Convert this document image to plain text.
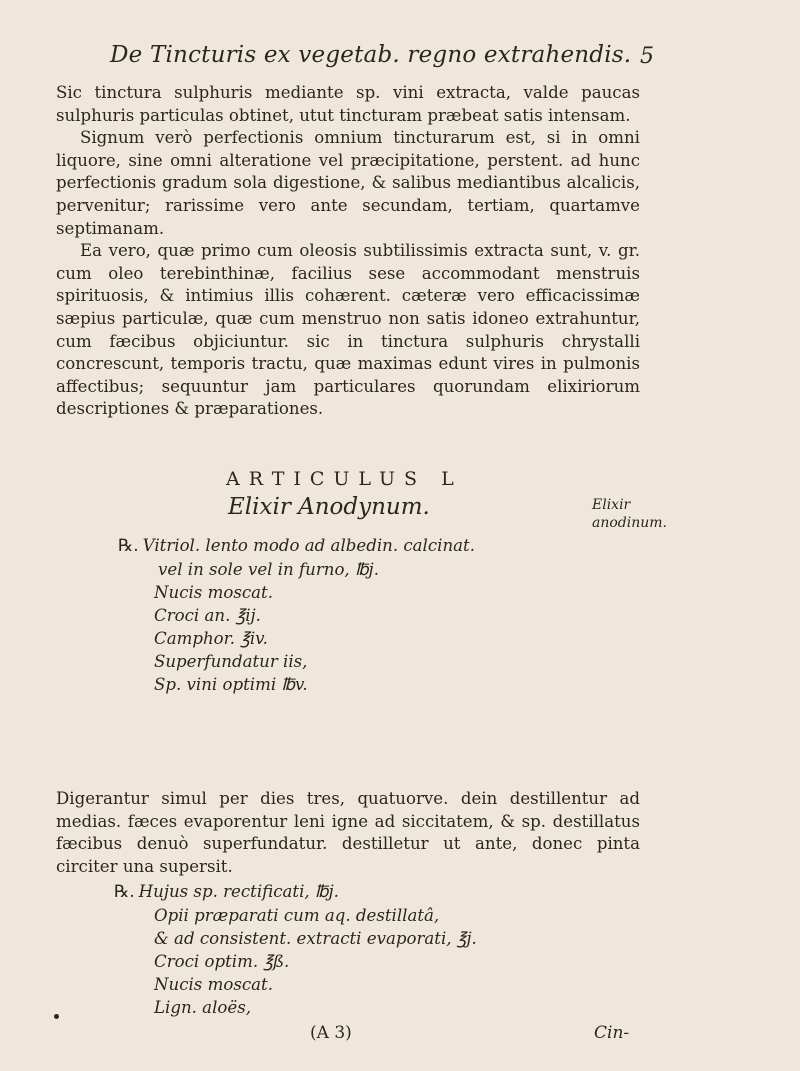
De Tincturis ex vegetab. regno extrahendis. 5

Sic tinctura sulphuris mediante sp. vini extracta, valde paucas sulphuris particulas obtinet, utut tincturam præbeat satis intensam.

Signum verò perfectionis omnium tincturarum est, si in omni liquore, sine omni alteratione vel præcipitatione, perstent. ad hunc perfectionis gradum sola digestione, & salibus mediantibus alcalicis, pervenitur; rarissime vero ante secundam, tertiam, quartamve septimanam.

Ea vero, quæ primo cum oleosis subtilissimis extracta sunt, v. gr. cum oleo terebinthinæ, facilius sese accommodant menstruis spirituosis, & intimius illis cohærent. cæteræ vero efficacissimæ sæpius particulæ, quæ cum menstruo non satis idoneo extrahuntur, cum fæcibus objiciuntur. sic in tinctura sulphuris chrystalli concrescunt, temporis tractu, quæ maximas edunt vires in pulmonis affectibus; sequuntur jam particulares quorundam elixiriorum descriptiones & præparationes.

ARTICULUS L
Elixir Anodynum.	Elixir anodinum.
℞. Vitriol. lento modo ad albedin. calcinat.
vel in sole vel in furno, ℔j.
Nucis moscat.
Croci an. ℥ij.
Camphor. ℥iv.
Superfundatur iis,
Sp. vini optimi ℔v.

Digerantur simul per dies tres, quatuorve. dein destillentur ad medias. fæces evaporentur leni igne ad siccitatem, & sp. destillatus fæcibus denuò superfundatur. destilletur ut ante, donec pinta circiter una supersit.

℞. Hujus sp. rectificati, ℔j.
Opii præparati cum aq. destillatâ,
& ad consistent. extracti evaporati, ℥j.
Croci optim. ℥ß.
Nucis moscat.
Lign. aloës,
(A 3)	Cin-
